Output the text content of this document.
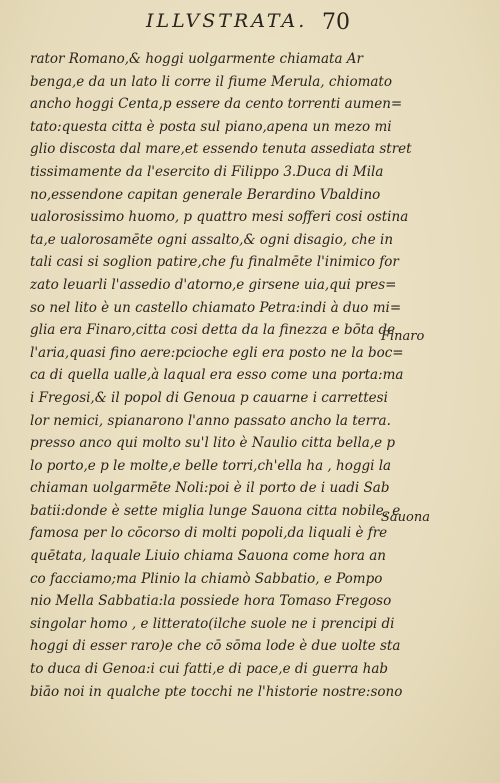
ILLVSTRATA. 70
rator Romano,& hoggi uolgarmente chiamata Ar
benga,e da un lato li corre il fiume Merula, chiomato
ancho hoggi Centa,p essere da cento torrenti aumen=
tato:questa citta è posta sul piano,apena un mezo mi
glio discosta dal mare,et essendo tenuta assediata stret
tissimamente da l'esercito di Filippo 3.Duca di Mila
no,essendone capitan generale Berardino Vbaldino
ualorosissimo huomo, p quattro mesi sofferi cosi ostina
ta,e ualorosamēte ogni assalto,& ogni disagio, che in
tali casi si soglion patire,che fu finalmēte l'inimico for
zato leuarli l'assedio d'atorno,e girsene uia,qui pres=
so nel lito è un castello chiamato Petra:indi à duo mi=
glia era Finaro,citta cosi detta da la finezza e bōta de
l'aria,quasi fino aere:pcioche egli era posto ne la boc=
ca di quella ualle,à laqual era esso come una porta:ma
i Fregosi,& il popol di Genoua p cauarne i carrettesi
lor nemici, spianarono l'anno passato ancho la terra.
presso anco qui molto su'l lito è Naulio citta bella,e p
lo porto,e p le molte,e belle torri,ch'ella ha , hoggi la
chiaman uolgarmēte Noli:poi è il porto de i uadi Sab
batii:donde è sette miglia lunge Sauona citta nobile, e
famosa per lo cōcorso di molti popoli,da liquali è fre
quētata, laquale Liuio chiama Sauona come hora an
co facciamo;ma Plinio la chiamò Sabbatio, e Pompo
nio Mella Sabbatia:la possiede hora Tomaso Fregoso
singolar homo , e litterato(ilche suole ne i prencipi di
hoggi di esser raro)e che cō sōma lode è due uolte sta
to duca di Genoa:i cui fatti,e di pace,e di guerra hab
biāo noi in qualche pte tocchi ne l'historie nostre:sono
Finaro
Sauona
